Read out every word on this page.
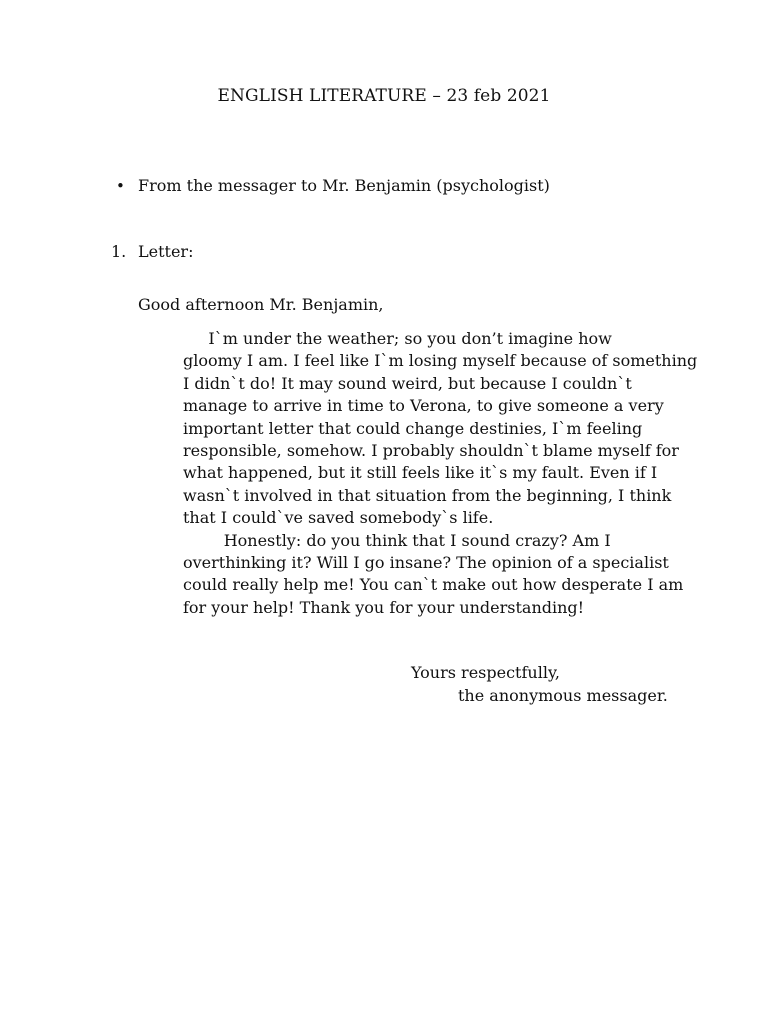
ENGLISH LITERATURE – 23 feb 2021
• From the messager to Mr. Benjamin (psychologist)
1. Letter:
Good afternoon Mr. Benjamin,
I`m under the weather; so you don’t imagine how
gloomy I am. I feel like I`m losing myself because of something
I didn`t do! It may sound weird, but because I couldn`t
manage to arrive in time to Verona, to give someone a very
important letter that could change destinies, I`m feeling
responsible, somehow. I probably shouldn`t blame myself for
what happened, but it still feels like it`s my fault. Even if I
wasn`t involved in that situation from the beginning, I think
that I could`ve saved somebody`s life.
Honestly: do you think that I sound crazy? Am I
overthinking it? Will I go insane? The opinion of a specialist
could really help me! You can`t make out how desperate I am
for your help! Thank you for your understanding!
Yours respectfully,
the anonymous messager.
